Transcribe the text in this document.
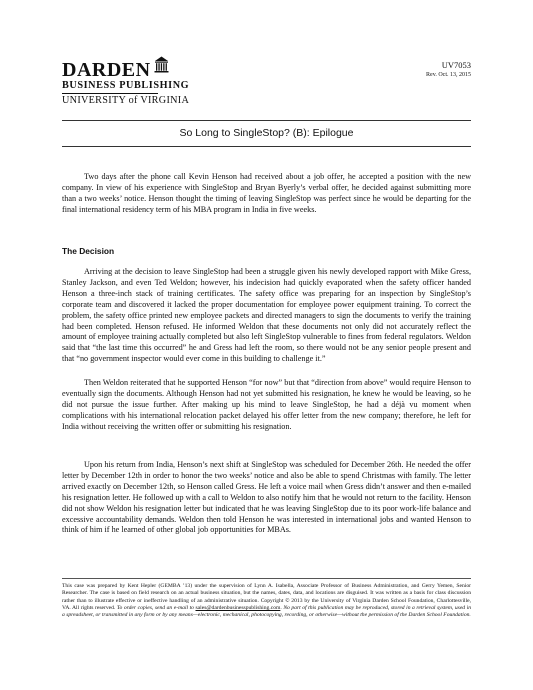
DARDEN
BUSINESS PUBLISHING
UNIVERSITY of VIRGINIA
UV7053
Rev. Oct. 13, 2015
So Long to SingleStop? (B): Epilogue

Two days after the phone call Kevin Henson had received about a job offer, he accepted a position with the new company. In view of his experience with SingleStop and Bryan Byerly’s verbal offer, he decided against submitting more than a two weeks’ notice. Henson thought the timing of leaving SingleStop was perfect since he would be departing for the final international residency term of his MBA program in India in five weeks.

The Decision

Arriving at the decision to leave SingleStop had been a struggle given his newly developed rapport with Mike Gress, Stanley Jackson, and even Ted Weldon; however, his indecision had quickly evaporated when the safety officer handed Henson a three-inch stack of training certificates. The safety office was preparing for an inspection by SingleStop’s corporate team and discovered it lacked the proper documentation for employee power equipment training. To correct the problem, the safety office printed new employee packets and directed managers to sign the documents to verify the training had been completed. Henson refused. He informed Weldon that these documents not only did not accurately reflect the amount of employee training actually completed but also left SingleStop vulnerable to fines from federal regulators. Weldon said that “the last time this occurred” he and Gress had left the room, so there would not be any senior people present and that “no government inspector would ever come in this building to challenge it.”

Then Weldon reiterated that he supported Henson “for now” but that “direction from above” would require Henson to eventually sign the documents. Although Henson had not yet submitted his resignation, he knew he would be leaving, so he did not pursue the issue further. After making up his mind to leave SingleStop, he had a déjà vu moment when complications with his international relocation packet delayed his offer letter from the new company; therefore, he left for India without receiving the written offer or submitting his resignation.

Upon his return from India, Henson’s next shift at SingleStop was scheduled for December 26th. He needed the offer letter by December 12th in order to honor the two weeks’ notice and also be able to spend Christmas with family. The letter arrived exactly on December 12th, so Henson called Gress. He left a voice mail when Gress didn’t answer and then e-mailed his resignation letter. He followed up with a call to Weldon to also notify him that he would not return to the facility. Henson did not show Weldon his resignation letter but indicated that he was leaving SingleStop due to its poor work-life balance and excessive accountability demands. Weldon then told Henson he was interested in international jobs and wanted Henson to think of him if he learned of other global job opportunities for MBAs.

This case was prepared by Kent Hepler (GEMBA ’13) under the supervision of Lynn A. Isabella, Associate Professor of Business Administration, and Gerry Yemen, Senior Researcher. The case is based on field research on an actual business situation, but the names, dates, data, and locations are disguised. It was written as a basis for class discussion rather than to illustrate effective or ineffective handling of an administrative situation. Copyright © 2013 by the University of Virginia Darden School Foundation, Charlottesville, VA. All rights reserved. To order copies, send an e-mail to sales@dardenbusinesspublishing.com. No part of this publication may be reproduced, stored in a retrieval system, used in a spreadsheet, or transmitted in any form or by any means—electronic, mechanical, photocopying, recording, or otherwise—without the permission of the Darden School Foundation.
